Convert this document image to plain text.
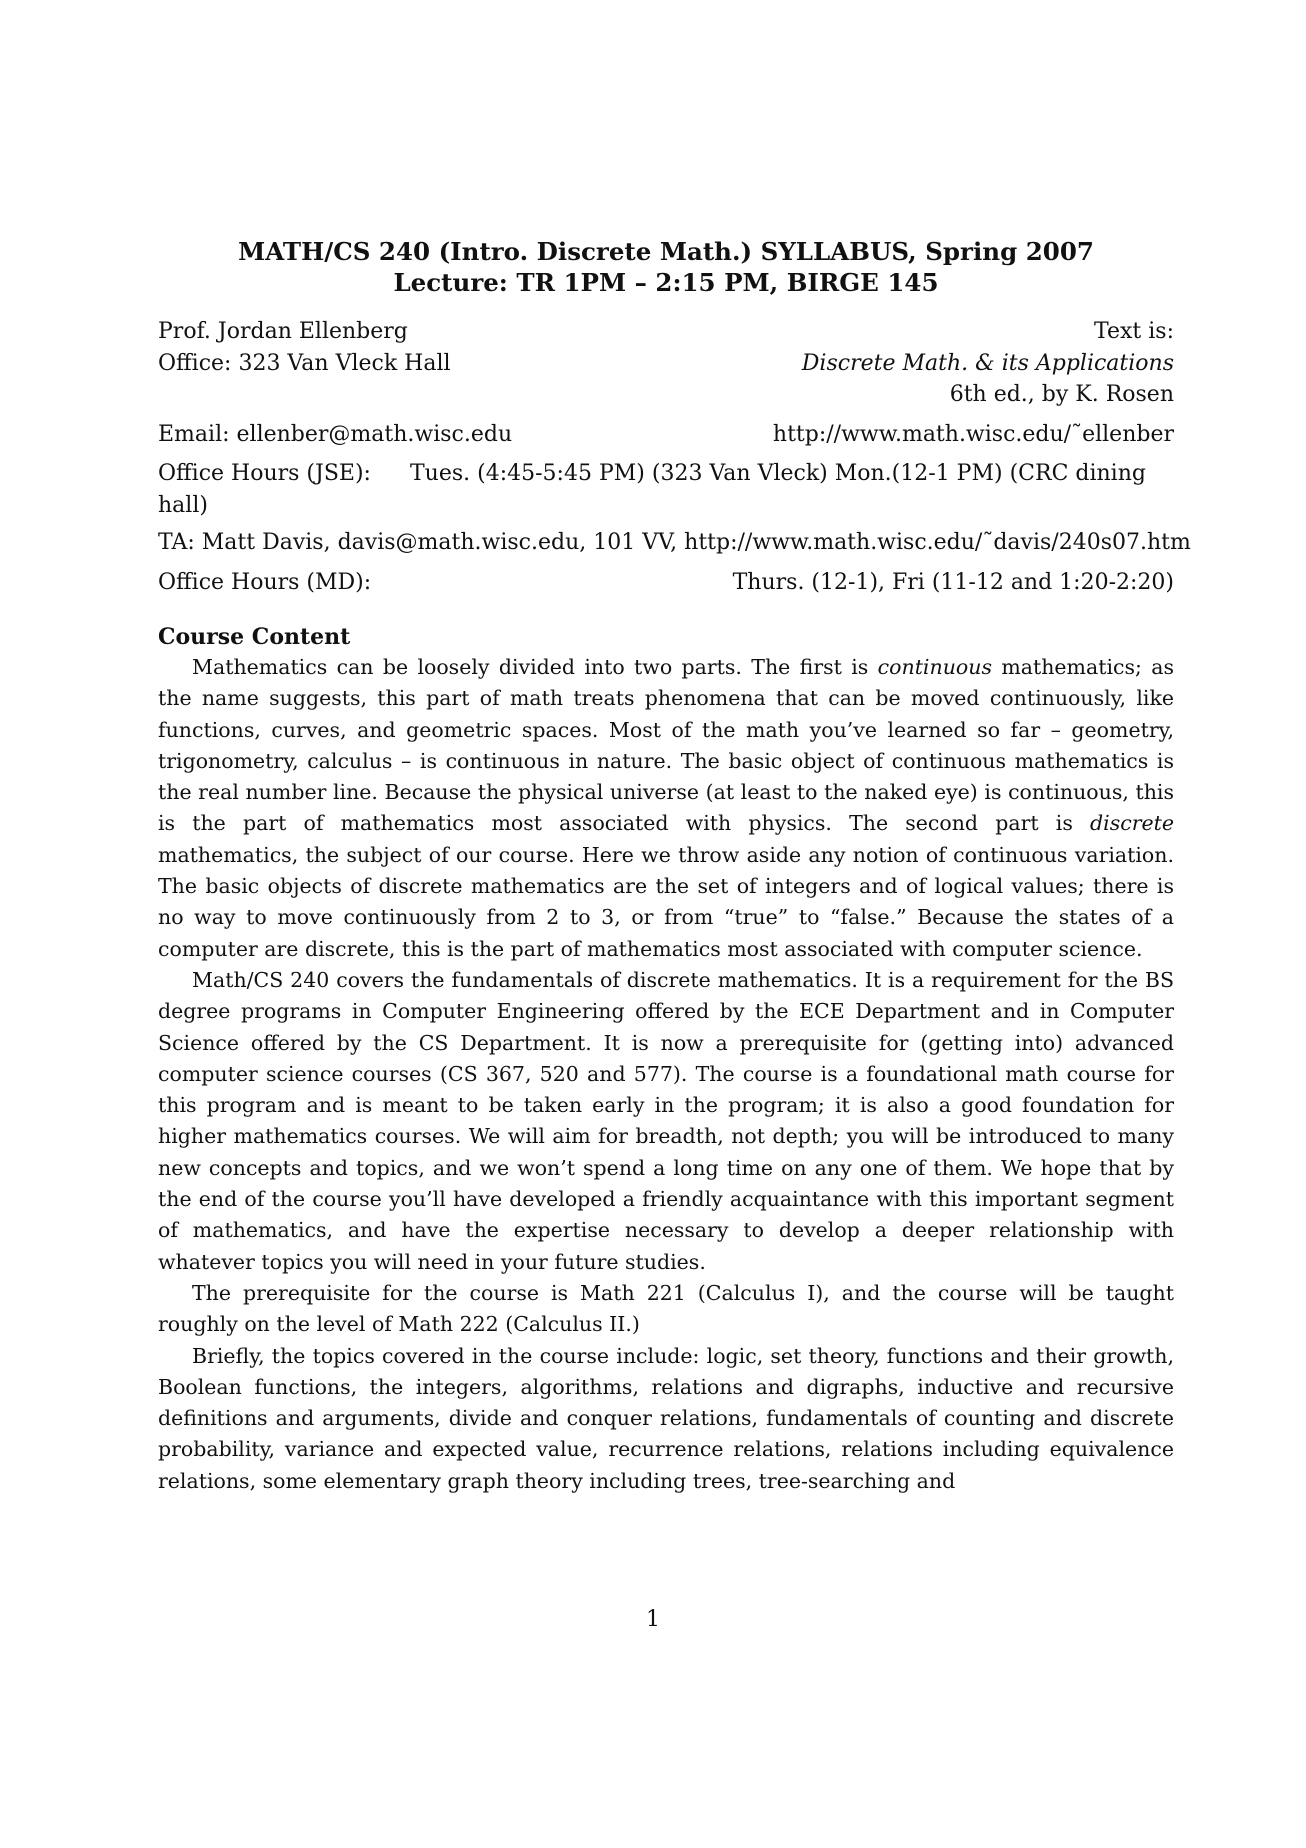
MATH/CS 240 (Intro. Discrete Math.) SYLLABUS, Spring 2007
Lecture: TR 1PM – 2:15 PM, BIRGE 145
Prof. Jordan Ellenberg	Text is:
Office: 323 Van Vleck Hall	Discrete Math. & its Applications
6th ed., by K. Rosen
Email: ellenber@math.wisc.edu	http://www.math.wisc.edu/˜ellenber
Office Hours (JSE):	Tues. (4:45-5:45 PM) (323 Van Vleck) Mon.(12-1 PM) (CRC dining
hall)
TA: Matt Davis, davis@math.wisc.edu, 101 VV, http://www.math.wisc.edu/˜davis/240s07.htm
Office Hours (MD):	Thurs. (12-1), Fri (11-12 and 1:20-2:20)
Course Content

Mathematics can be loosely divided into two parts. The first is continuous mathematics; as the name suggests, this part of math treats phenomena that can be moved continuously, like functions, curves, and geometric spaces. Most of the math you’ve learned so far – geometry, trigonometry, calculus – is continuous in nature. The basic object of continuous mathematics is the real number line. Because the physical universe (at least to the naked eye) is continuous, this is the part of mathematics most associated with physics. The second part is discrete mathematics, the subject of our course. Here we throw aside any notion of continuous variation. The basic objects of discrete mathematics are the set of integers and of logical values; there is no way to move continuously from 2 to 3, or from “true” to “false.” Because the states of a computer are discrete, this is the part of mathematics most associated with computer science.

Math/CS 240 covers the fundamentals of discrete mathematics. It is a requirement for the BS degree programs in Computer Engineering offered by the ECE Department and in Computer Science offered by the CS Department. It is now a prerequisite for (getting into) advanced computer science courses (CS 367, 520 and 577). The course is a foundational math course for this program and is meant to be taken early in the program; it is also a good foundation for higher mathematics courses. We will aim for breadth, not depth; you will be introduced to many new concepts and topics, and we won’t spend a long time on any one of them. We hope that by the end of the course you’ll have developed a friendly acquaintance with this important segment of mathematics, and have the expertise necessary to develop a deeper relationship with whatever topics you will need in your future studies.

The prerequisite for the course is Math 221 (Calculus I), and the course will be taught roughly on the level of Math 222 (Calculus II.)

Briefly, the topics covered in the course include: logic, set theory, functions and their growth, Boolean functions, the integers, algorithms, relations and digraphs, inductive and recursive definitions and arguments, divide and conquer relations, fundamentals of counting and discrete probability, variance and expected value, recurrence relations, relations including equivalence relations, some elementary graph theory including trees, tree-searching and

1
